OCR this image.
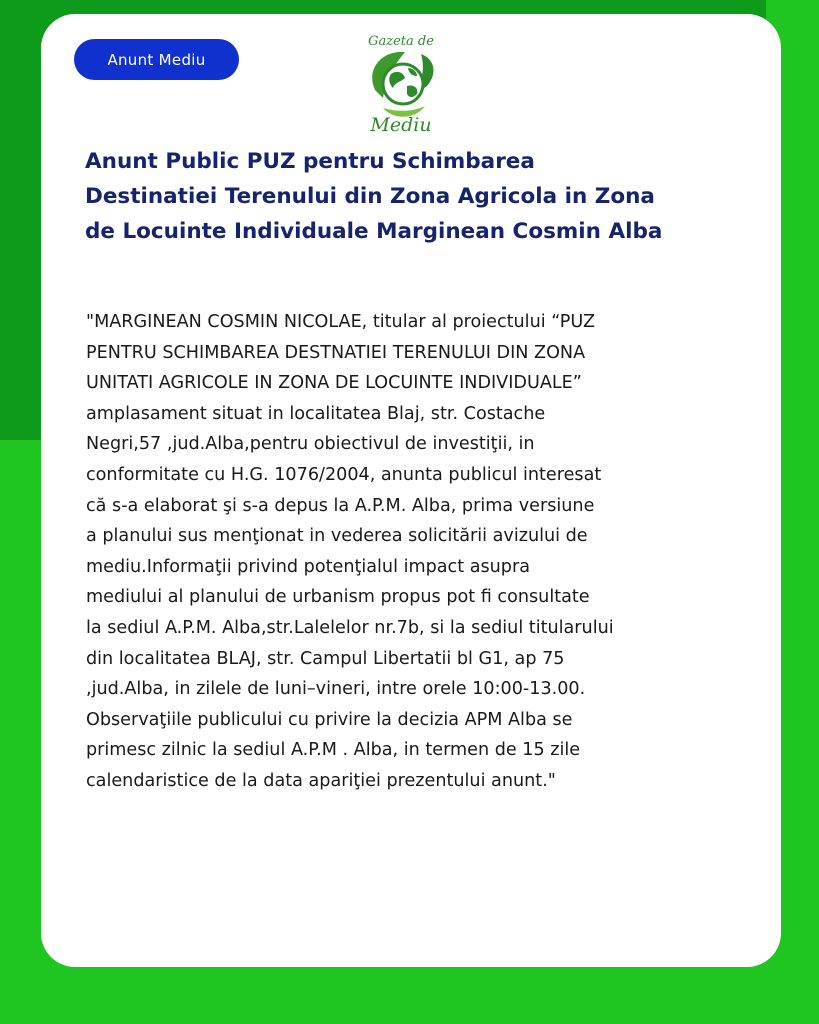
Anunt Mediu
Gazeta de
Mediu
Anunt Public PUZ pentru Schimbarea
Destinatiei Terenului din Zona Agricola in Zona
de Locuinte Individuale Marginean Cosmin Alba

"MARGINEAN COSMIN NICOLAE, titular al proiectului “PUZ
PENTRU SCHIMBAREA DESTNATIEI TERENULUI DIN ZONA
UNITATI AGRICOLE IN ZONA DE LOCUINTE INDIVIDUALE”
amplasament situat in localitatea Blaj, str. Costache
Negri,57 ,jud.Alba,pentru obiectivul de investiţii, in
conformitate cu H.G. 1076/2004, anunta publicul interesat
că s-a elaborat şi s-a depus la A.P.M. Alba, prima versiune
a planului sus menţionat in vederea solicitării avizului de
mediu.Informaţii privind potenţialul impact asupra
mediului al planului de urbanism propus pot fi consultate
la sediul A.P.M. Alba,str.Lalelelor nr.7b, si la sediul titularului
din localitatea BLAJ, str. Campul Libertatii bl G1, ap 75
,jud.Alba, in zilele de luni–vineri, intre orele 10:00-13.00.
Observaţiile publicului cu privire la decizia APM Alba se
primesc zilnic la sediul A.P.M . Alba, in termen de 15 zile
calendaristice de la data apariţiei prezentului anunt."
